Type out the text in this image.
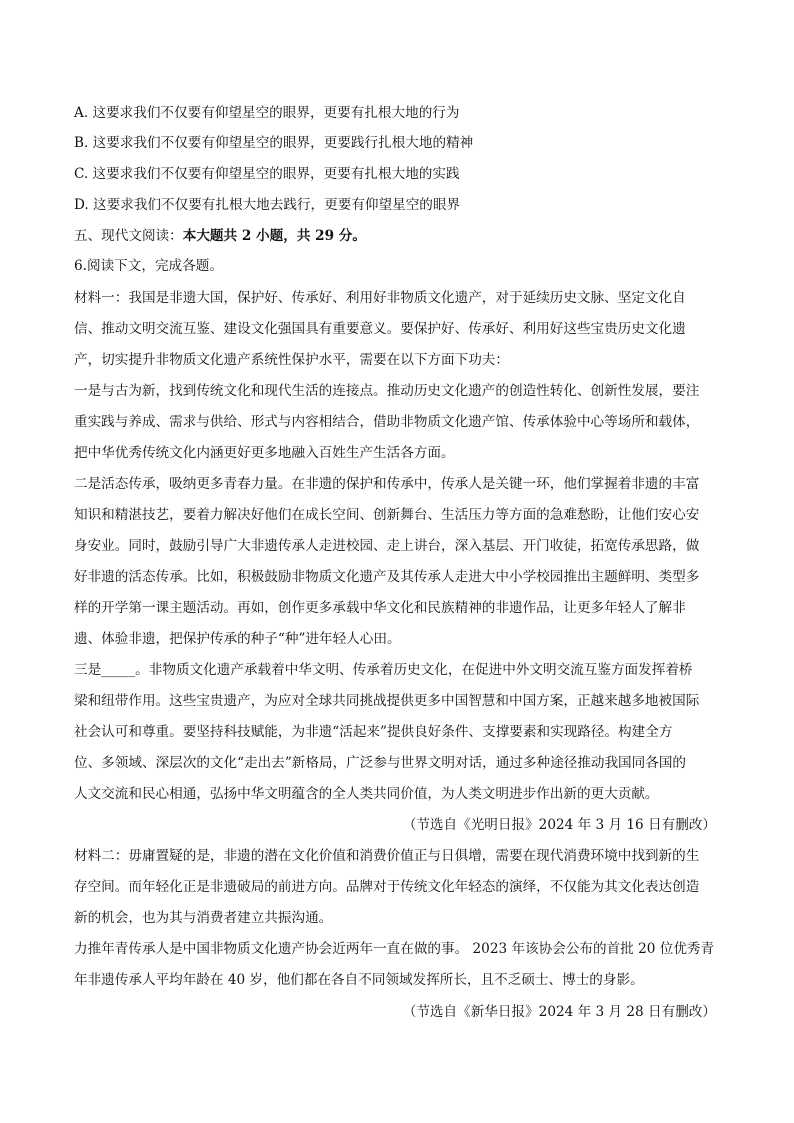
A. 这要求我们不仅要有仰望星空的眼界，更要有扎根大地的行为
B. 这要求我们不仅要有仰望星空的眼界，更要践行扎根大地的精神
C. 这要求我们不仅要有仰望星空的眼界，更要有扎根大地的实践
D. 这要求我们不仅要有扎根大地去践行，更要有仰望星空的眼界
五、现代文阅读：本大题共 2 小题，共 29 分。
6.阅读下文，完成各题。
材料一：我国是非遗大国，保护好、传承好、利用好非物质文化遗产，对于延续历史文脉、坚定文化自
信、推动文明交流互鉴、建设文化强国具有重要意义。要保护好、传承好、利用好这些宝贵历史文化遗
产，切实提升非物质文化遗产系统性保护水平，需要在以下方面下功夫：
一是与古为新，找到传统文化和现代生活的连接点。推动历史文化遗产的创造性转化、创新性发展，要注
重实践与养成、需求与供给、形式与内容相结合，借助非物质文化遗产馆、传承体验中心等场所和载体，
把中华优秀传统文化内涵更好更多地融入百姓生产生活各方面。
二是活态传承，吸纳更多青春力量。在非遗的保护和传承中，传承人是关键一环，他们掌握着非遗的丰富
知识和精湛技艺，要着力解决好他们在成长空间、创新舞台、生活压力等方面的急难愁盼，让他们安心安
身安业。同时，鼓励引导广大非遗传承人走进校园、走上讲台，深入基层、开门收徒，拓宽传承思路，做
好非遗的活态传承。比如，积极鼓励非物质文化遗产及其传承人走进大中小学校园推出主题鲜明、类型多
样的开学第一课主题活动。再如，创作更多承载中华文化和民族精神的非遗作品，让更多年轻人了解非
遗、体验非遗，把保护传承的种子“种”进年轻人心田。
三是_____。非物质文化遗产承载着中华文明、传承着历史文化，在促进中外文明交流互鉴方面发挥着桥
梁和纽带作用。这些宝贵遗产，为应对全球共同挑战提供更多中国智慧和中国方案，正越来越多地被国际
社会认可和尊重。要坚持科技赋能，为非遗“活起来”提供良好条件、支撑要素和实现路径。构建全方
位、多领域、深层次的文化“走出去”新格局，广泛参与世界文明对话，通过多种途径推动我国同各国的
人文交流和民心相通，弘扬中华文明蕴含的全人类共同价值，为人类文明进步作出新的更大贡献。
（节选自《光明日报》2024 年 3 月 16 日有删改）
材料二：毋庸置疑的是，非遗的潜在文化价值和消费价值正与日俱增，需要在现代消费环境中找到新的生
存空间。而年轻化正是非遗破局的前进方向。品牌对于传统文化年轻态的演绎，不仅能为其文化表达创造
新的机会，也为其与消费者建立共振沟通。
力推年青传承人是中国非物质文化遗产协会近两年一直在做的事。 2023 年该协会公布的首批 20 位优秀青
年非遗传承人平均年龄在 40 岁，他们都在各自不同领域发挥所长，且不乏硕士、博士的身影。
（节选自《新华日报》2024 年 3 月 28 日有删改）
